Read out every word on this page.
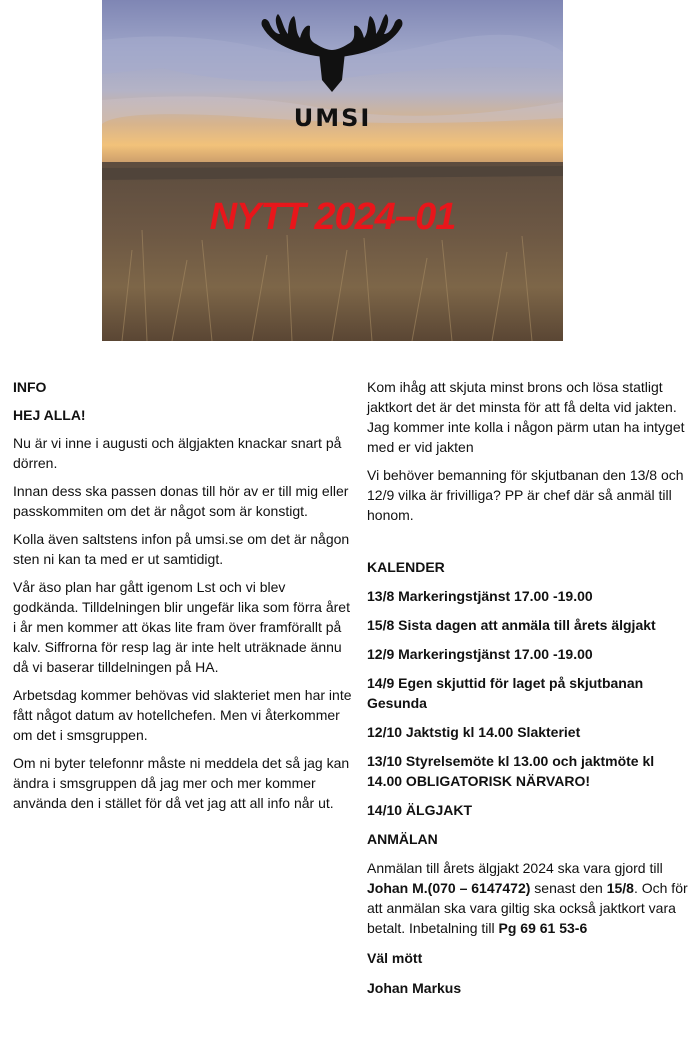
UMSI
NYTT 2024–01

INFO

HEJ ALLA!

Nu är vi inne i augusti och älgjakten knackar snart på dörren.

Innan dess ska passen donas till hör av er till mig eller passkommiten om det är något som är konstigt.

Kolla även saltstens infon på umsi.se om det är någon sten ni kan ta med er ut samtidigt.

Vår äso plan har gått igenom Lst och vi blev godkända. Tilldelningen blir ungefär lika som förra året i år men kommer att ökas lite fram över framförallt på kalv. Siffrorna för resp lag är inte helt uträknade ännu då vi baserar tilldelningen på HA.

Arbetsdag kommer behövas vid slakteriet men har inte fått något datum av hotellchefen. Men vi återkommer om det i smsgruppen.

Om ni byter telefonnr måste ni meddela det så jag kan ändra i smsgruppen då jag mer och mer kommer använda den i stället för då vet jag att all info når ut.

Kom ihåg att skjuta minst brons och lösa statligt jaktkort det är det minsta för att få delta vid jakten. Jag kommer inte kolla i någon pärm utan ha intyget med er vid jakten

Vi behöver bemanning för skjutbanan den 13/8 och 12/9 vilka är frivilliga? PP är chef där så anmäl till honom.

KALENDER

13/8 Markeringstjänst 17.00 -19.00

15/8 Sista dagen att anmäla till årets älgjakt

12/9 Markeringstjänst 17.00 -19.00

14/9 Egen skjuttid för laget på skjutbanan Gesunda

12/10 Jaktstig kl 14.00 Slakteriet

13/10 Styrelsemöte kl 13.00 och jaktmöte kl 14.00 OBLIGATORISK NÄRVARO!

14/10 ÄLGJAKT

ANMÄLAN

Anmälan till årets älgjakt 2024 ska vara gjord till Johan M.(070 – 6147472) senast den 15/8. Och för att anmälan ska vara giltig ska också jaktkort vara betalt. Inbetalning till Pg 69 61 53-6

Väl mött

Johan Markus
